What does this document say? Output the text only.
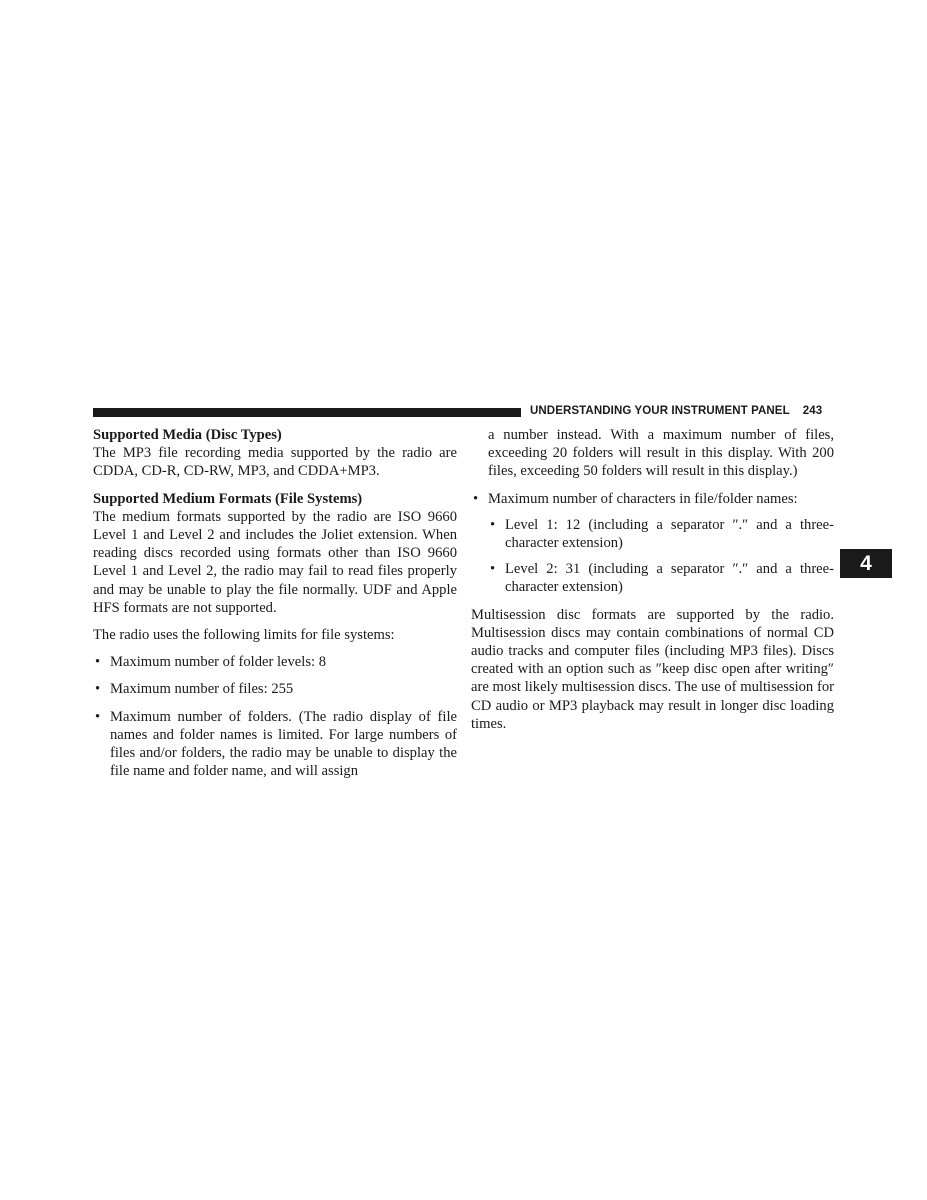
UNDERSTANDING YOUR INSTRUMENT PANEL 243
4
Supported Media (Disc Types)

The MP3 file recording media supported by the radio are CDDA, CD-R, CD-RW, MP3, and CDDA+MP3.

Supported Medium Formats (File Systems)

The medium formats supported by the radio are ISO 9660 Level 1 and Level 2 and includes the Joliet extension. When reading discs recorded using formats other than ISO 9660 Level 1 and Level 2, the radio may fail to read files properly and may be unable to play the file normally. UDF and Apple HFS formats are not supported.

The radio uses the following limits for file systems:

• Maximum number of folder levels: 8
• Maximum number of files: 255
• Maximum number of folders. (The radio display of file names and folder names is limited. For large numbers of files and/or folders, the radio may be unable to display the file name and folder name, and will assign
a number instead. With a maximum number of files, exceeding 20 folders will result in this display. With 200 files, exceeding 50 folders will result in this display.)
• Maximum number of characters in file/folder names:
• Level 1: 12 (including a separator ″.″ and a three-character extension)
• Level 2: 31 (including a separator ″.″ and a three-character extension)

Multisession disc formats are supported by the radio. Multisession discs may contain combinations of normal CD audio tracks and computer files (including MP3 files). Discs created with an option such as ″keep disc open after writing″ are most likely multisession discs. The use of multisession for CD audio or MP3 playback may result in longer disc loading times.
